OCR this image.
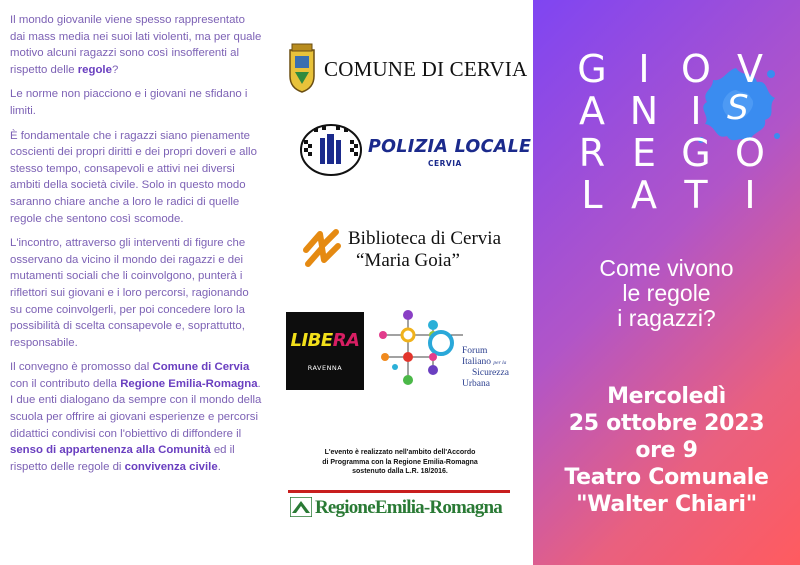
Il mondo giovanile viene spesso rappresentato dai mass media nei suoi lati violenti, ma per quale motivo alcuni ragazzi sono così insofferenti al rispetto delle regole?

Le norme non piacciono e i giovani ne sfidano i limiti.

È fondamentale che i ragazzi siano pienamente coscienti dei propri diritti e dei propri doveri e allo stesso tempo, consapevoli e attivi nei diversi ambiti della società civile. Solo in questo modo saranno chiare anche a loro le radici di quelle regole che sentono così scomode.

L'incontro, attraverso gli interventi di figure che osservano da vicino il mondo dei ragazzi e dei mutamenti sociali che li coinvolgono, punterà i riflettori sui giovani e i loro percorsi, ragionando su come coinvolgerli, per poi concedere loro la possibilità di scelta consapevole e, soprattutto, responsabile.

Il convegno è promosso dal Comune di Cervia con il contributo della Regione Emilia-Romagna. I due enti dialogano da sempre con il mondo della scuola per offrire ai giovani esperienze e percorsi didattici condivisi con l'obiettivo di diffondere il senso di appartenenza alla Comunità ed il rispetto delle regole di convivenza civile.

COMUNE DI CERVIA
POLIZIA LOCALE
CERVIA
Biblioteca di Cervia
“Maria Goia”
LIBERA
RAVENNA
Forum
Italiano per la
Sicurezza
Urbana
L'evento è realizzato nell'ambito dell'Accordo
di Programma con la Regione Emilia-Romagna
sostenuto dalla L.R. 18/2016.
RegioneEmilia-Romagna
G I O V
A N I
R E G O
L A T I
S
Come vivono
le regole
i ragazzi?
Mercoledì
25 ottobre 2023
ore 9
Teatro Comunale
"Walter Chiari"
